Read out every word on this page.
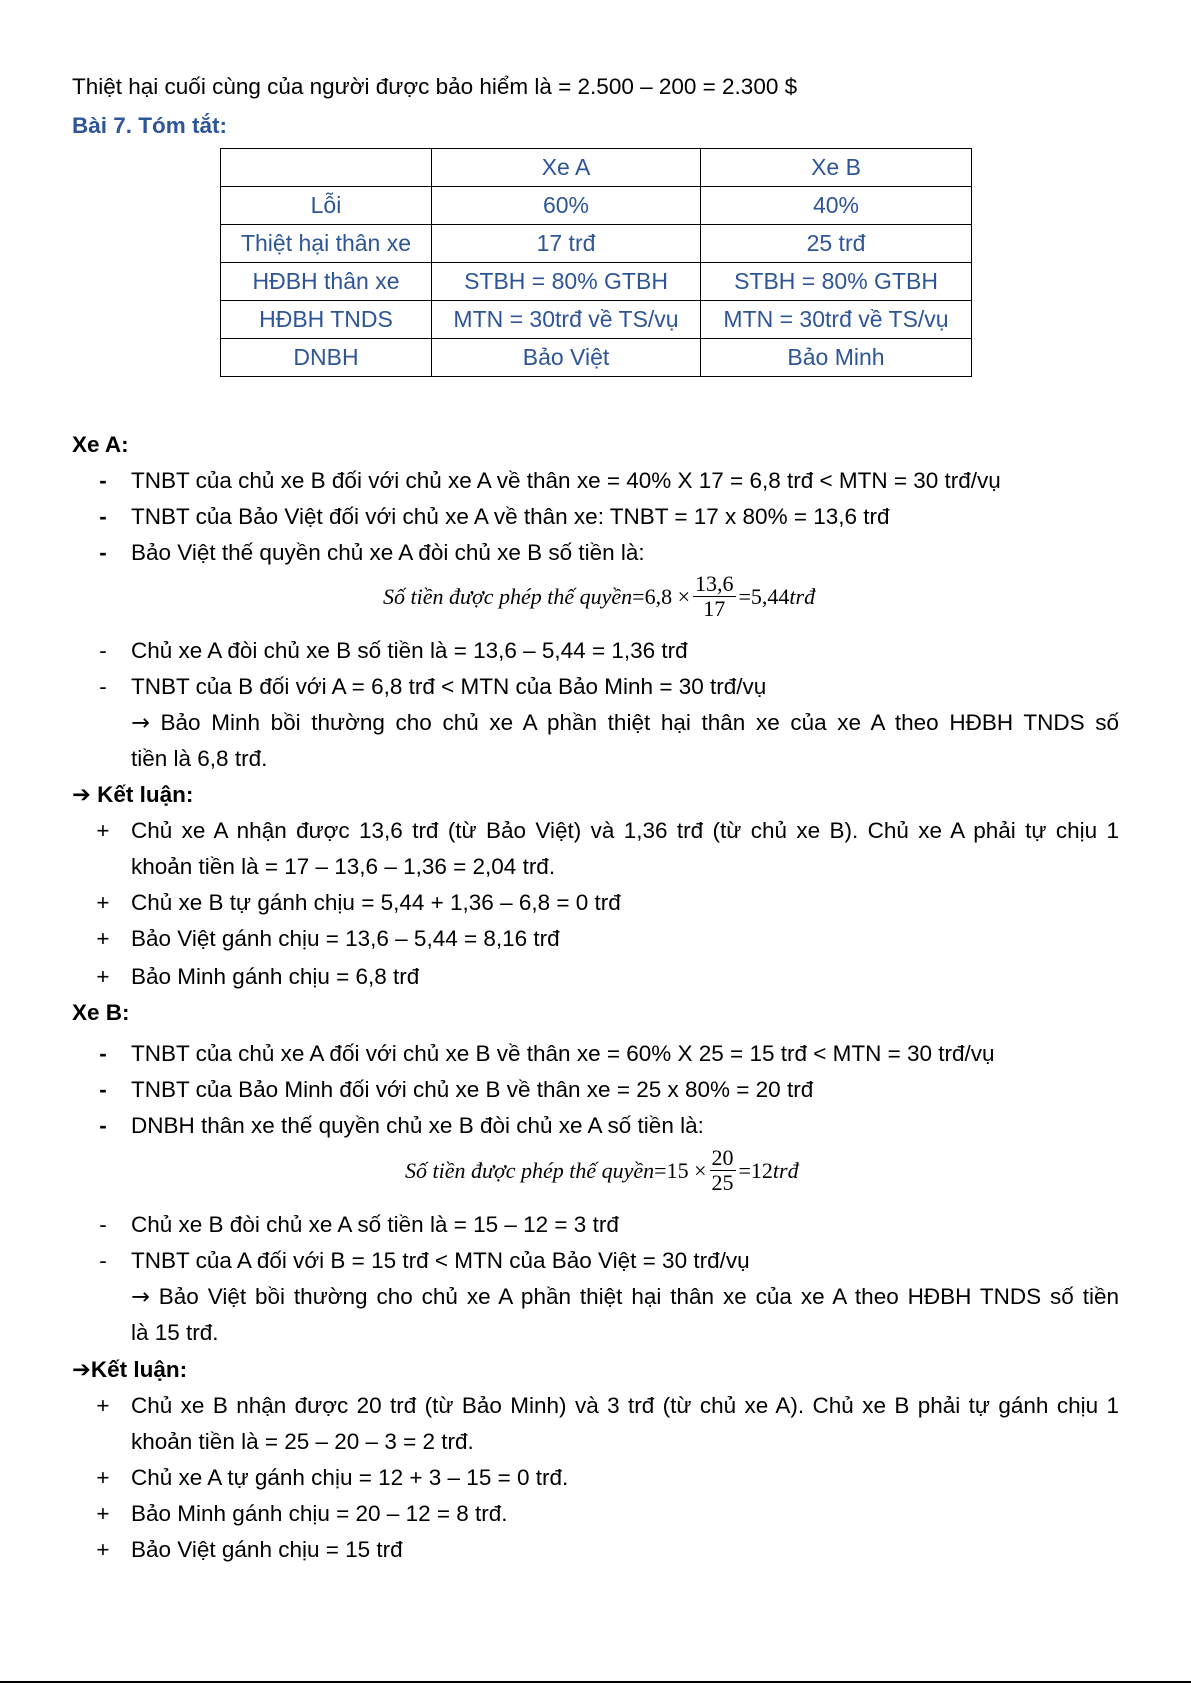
Thiệt hại cuối cùng của người được bảo hiểm là = 2.500 – 200 = 2.300 $
Bài 7. Tóm tắt:
	Xe A	Xe B
Lỗi	60%	40%
Thiệt hại thân xe	17 trđ	25 trđ
HĐBH thân xe	STBH = 80% GTBH	STBH = 80% GTBH
HĐBH TNDS	MTN = 30trđ về TS/vụ	MTN = 30trđ về TS/vụ
DNBH	Bảo Việt	Bảo Minh
Xe A:
- TNBT của chủ xe B đối với chủ xe A về thân xe = 40% X 17 = 6,8 trđ < MTN = 30 trđ/vụ
- TNBT của Bảo Việt đối với chủ xe A về thân xe: TNBT = 17 x 80% = 13,6 trđ
- Bảo Việt thế quyền chủ xe A đòi chủ xe B số tiền là:
Số tiền được phép thế quyền $=6,8 \times \frac{13,6}{17} =5,44$ trđ
- Chủ xe A đòi chủ xe B số tiền là = 13,6 – 5,44 = 1,36 trđ
- TNBT của B đối với A = 6,8 trđ < MTN của Bảo Minh = 30 trđ/vụ
→ Bảo Minh bồi thường cho chủ xe A phần thiệt hại thân xe của xe A theo HĐBH TNDS số
tiền là 6,8 trđ.
➔ Kết luận:
+ Chủ xe A nhận được 13,6 trđ (từ Bảo Việt) và 1,36 trđ (từ chủ xe B). Chủ xe A phải tự chịu 1
khoản tiền là = 17 – 13,6 – 1,36 = 2,04 trđ.
+ Chủ xe B tự gánh chịu = 5,44 + 1,36 – 6,8 = 0 trđ
+ Bảo Việt gánh chịu = 13,6 – 5,44 = 8,16 trđ
+ Bảo Minh gánh chịu = 6,8 trđ
Xe B:
- TNBT của chủ xe A đối với chủ xe B về thân xe = 60% X 25 = 15 trđ < MTN = 30 trđ/vụ
- TNBT của Bảo Minh đối với chủ xe B về thân xe = 25 x 80% = 20 trđ
- DNBH thân xe thế quyền chủ xe B đòi chủ xe A số tiền là:
Số tiền được phép thế quyền $=15 \times \frac{20}{25} =12$ trđ
- Chủ xe B đòi chủ xe A số tiền là = 15 – 12 = 3 trđ
- TNBT của A đối với B = 15 trđ < MTN của Bảo Việt = 30 trđ/vụ
→ Bảo Việt bồi thường cho chủ xe A phần thiệt hại thân xe của xe A theo HĐBH TNDS số tiền
là 15 trđ.
➔Kết luận:
+ Chủ xe B nhận được 20 trđ (từ Bảo Minh) và 3 trđ (từ chủ xe A). Chủ xe B phải tự gánh chịu 1
khoản tiền là = 25 – 20 – 3 = 2 trđ.
+ Chủ xe A tự gánh chịu = 12 + 3 – 15 = 0 trđ.
+ Bảo Minh gánh chịu = 20 – 12 = 8 trđ.
+ Bảo Việt gánh chịu = 15 trđ
